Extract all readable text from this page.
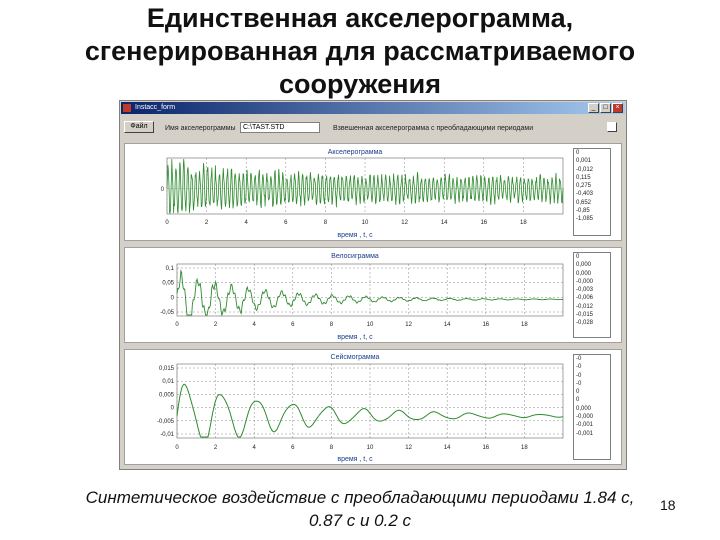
Единственная акселерограмма, сгенерированная для рассматриваемого сооружения
Instacc_form	_	□	×
Файл	Имя акселерограммы	C:\TAST.STD	Взвешенная акселерограмма с преобладающими периодами
Акселерограмма
0	2	4	6	8	10	12	14	16	18
0
время , t, с
0
0,001
-0,012
0,115
0,275
-0,403
0,652
-0,85
-1,085
Велосиграмма
0	2	4	6	8	10	12	14	16	18
0,1
0,05
0
-0,05
время , t, с
0
0,000
0,000
-0,000
-0,003
-0,006
-0,012
-0,015
-0,028
Сейсмограмма
0	2	4	6	8	10	12	14	16	18
0,015
0,01
0,005
0
-0,005
-0,01
время , t, с
-0
-0
-0
-0
0
0
0,000
-0,000
-0,001
-0,001
Синтетическое воздействие с преобладающими периодами 1.84 с, 0.87 с и 0.2 с
18
